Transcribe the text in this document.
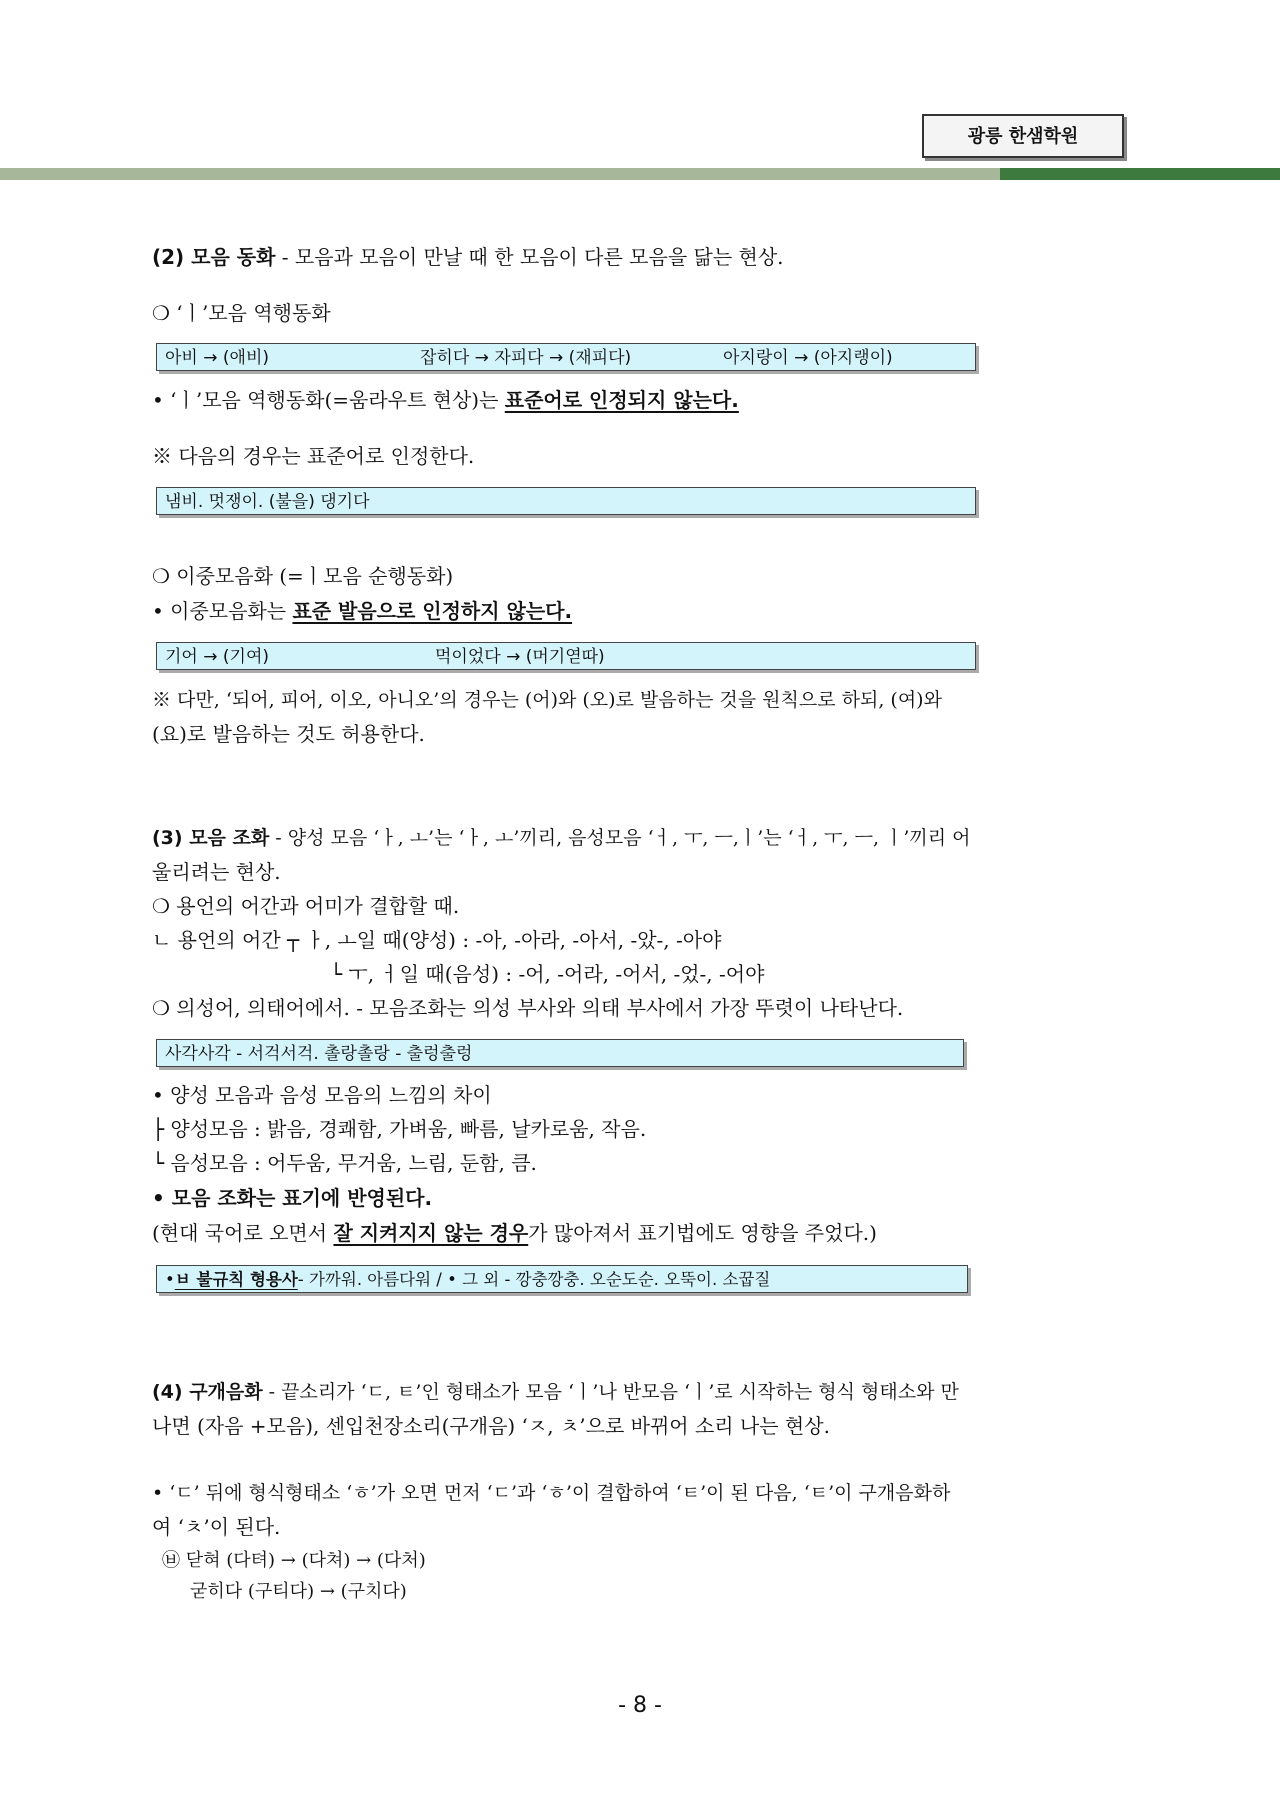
광릉 한샘학원
(2) 모음 동화 - 모음과 모음이 만날 때 한 모음이 다른 모음을 닮는 현상.
❍ ‘ㅣ’모음 역행동화
아비 → (애비)	잡히다 → 자피다 → (재피다)	아지랑이 → (아지랭이)
• ‘ㅣ’모음 역행동화(=움라우트 현상)는 표준어로 인정되지 않는다.
※ 다음의 경우는 표준어로 인정한다.
냄비. 멋쟁이. (불을) 댕기다
❍ 이중모음화 (=ㅣ모음 순행동화)
• 이중모음화는 표준 발음으로 인정하지 않는다.
기어 → (기여)	먹이었다 → (머기엳따)
※ 다만, ‘되어, 피어, 이오, 아니오’의 경우는 (어)와 (오)로 발음하는 것을 원칙으로 하되, (여)와
(요)로 발음하는 것도 허용한다.
(3) 모음 조화 - 양성 모음 ‘ㅏ, ㅗ’는 ‘ㅏ, ㅗ’끼리, 음성모음 ‘ㅓ, ㅜ, ㅡ,ㅣ’는 ‘ㅓ, ㅜ, ㅡ, ㅣ’끼리 어
울리려는 현상.
❍ 용언의 어간과 어미가 결합할 때.
ㄴ 용언의 어간 ┬ ㅏ, ㅗ일 때(양성) : -아, -아라, -아서, -았-, -아야
└ ㅜ, ㅓ일 때(음성) : -어, -어라, -어서, -었-, -어야
❍ 의성어, 의태어에서. - 모음조화는 의성 부사와 의태 부사에서 가장 뚜렷이 나타난다.
사각사각 - 서걱서걱. 촐랑촐랑 - 출렁출렁
• 양성 모음과 음성 모음의 느낌의 차이
├ 양성모음 : 밝음, 경쾌함, 가벼움, 빠름, 날카로움, 작음.
└ 음성모음 : 어두움, 무거움, 느림, 둔함, 큼.
• 모음 조화는 표기에 반영된다.
(현대 국어로 오면서 잘 지켜지지 않는 경우가 많아져서 표기법에도 영향을 주었다.)
•ㅂ 불규칙 형용사- 가까워. 아름다워 / • 그 외 - 깡충깡충. 오순도순. 오뚝이. 소꿉질
(4) 구개음화 - 끝소리가 ‘ㄷ, ㅌ’인 형태소가 모음 ‘ㅣ’나 반모음 ‘ㅣ’로 시작하는 형식 형태소와 만
나면 (자음 +모음), 센입천장소리(구개음) ‘ㅈ, ㅊ’으로 바뀌어 소리 나는 현상.
• ‘ㄷ’ 뒤에 형식형태소 ‘ㅎ’가 오면 먼저 ‘ㄷ’과 ‘ㅎ’이 결합하여 ‘ㅌ’이 된 다음, ‘ㅌ’이 구개음화하
여 ‘ㅊ’이 된다.
㉥ 닫혀 (다텨) → (다쳐) → (다처)
굳히다 (구티다) → (구치다)
- 8 -
